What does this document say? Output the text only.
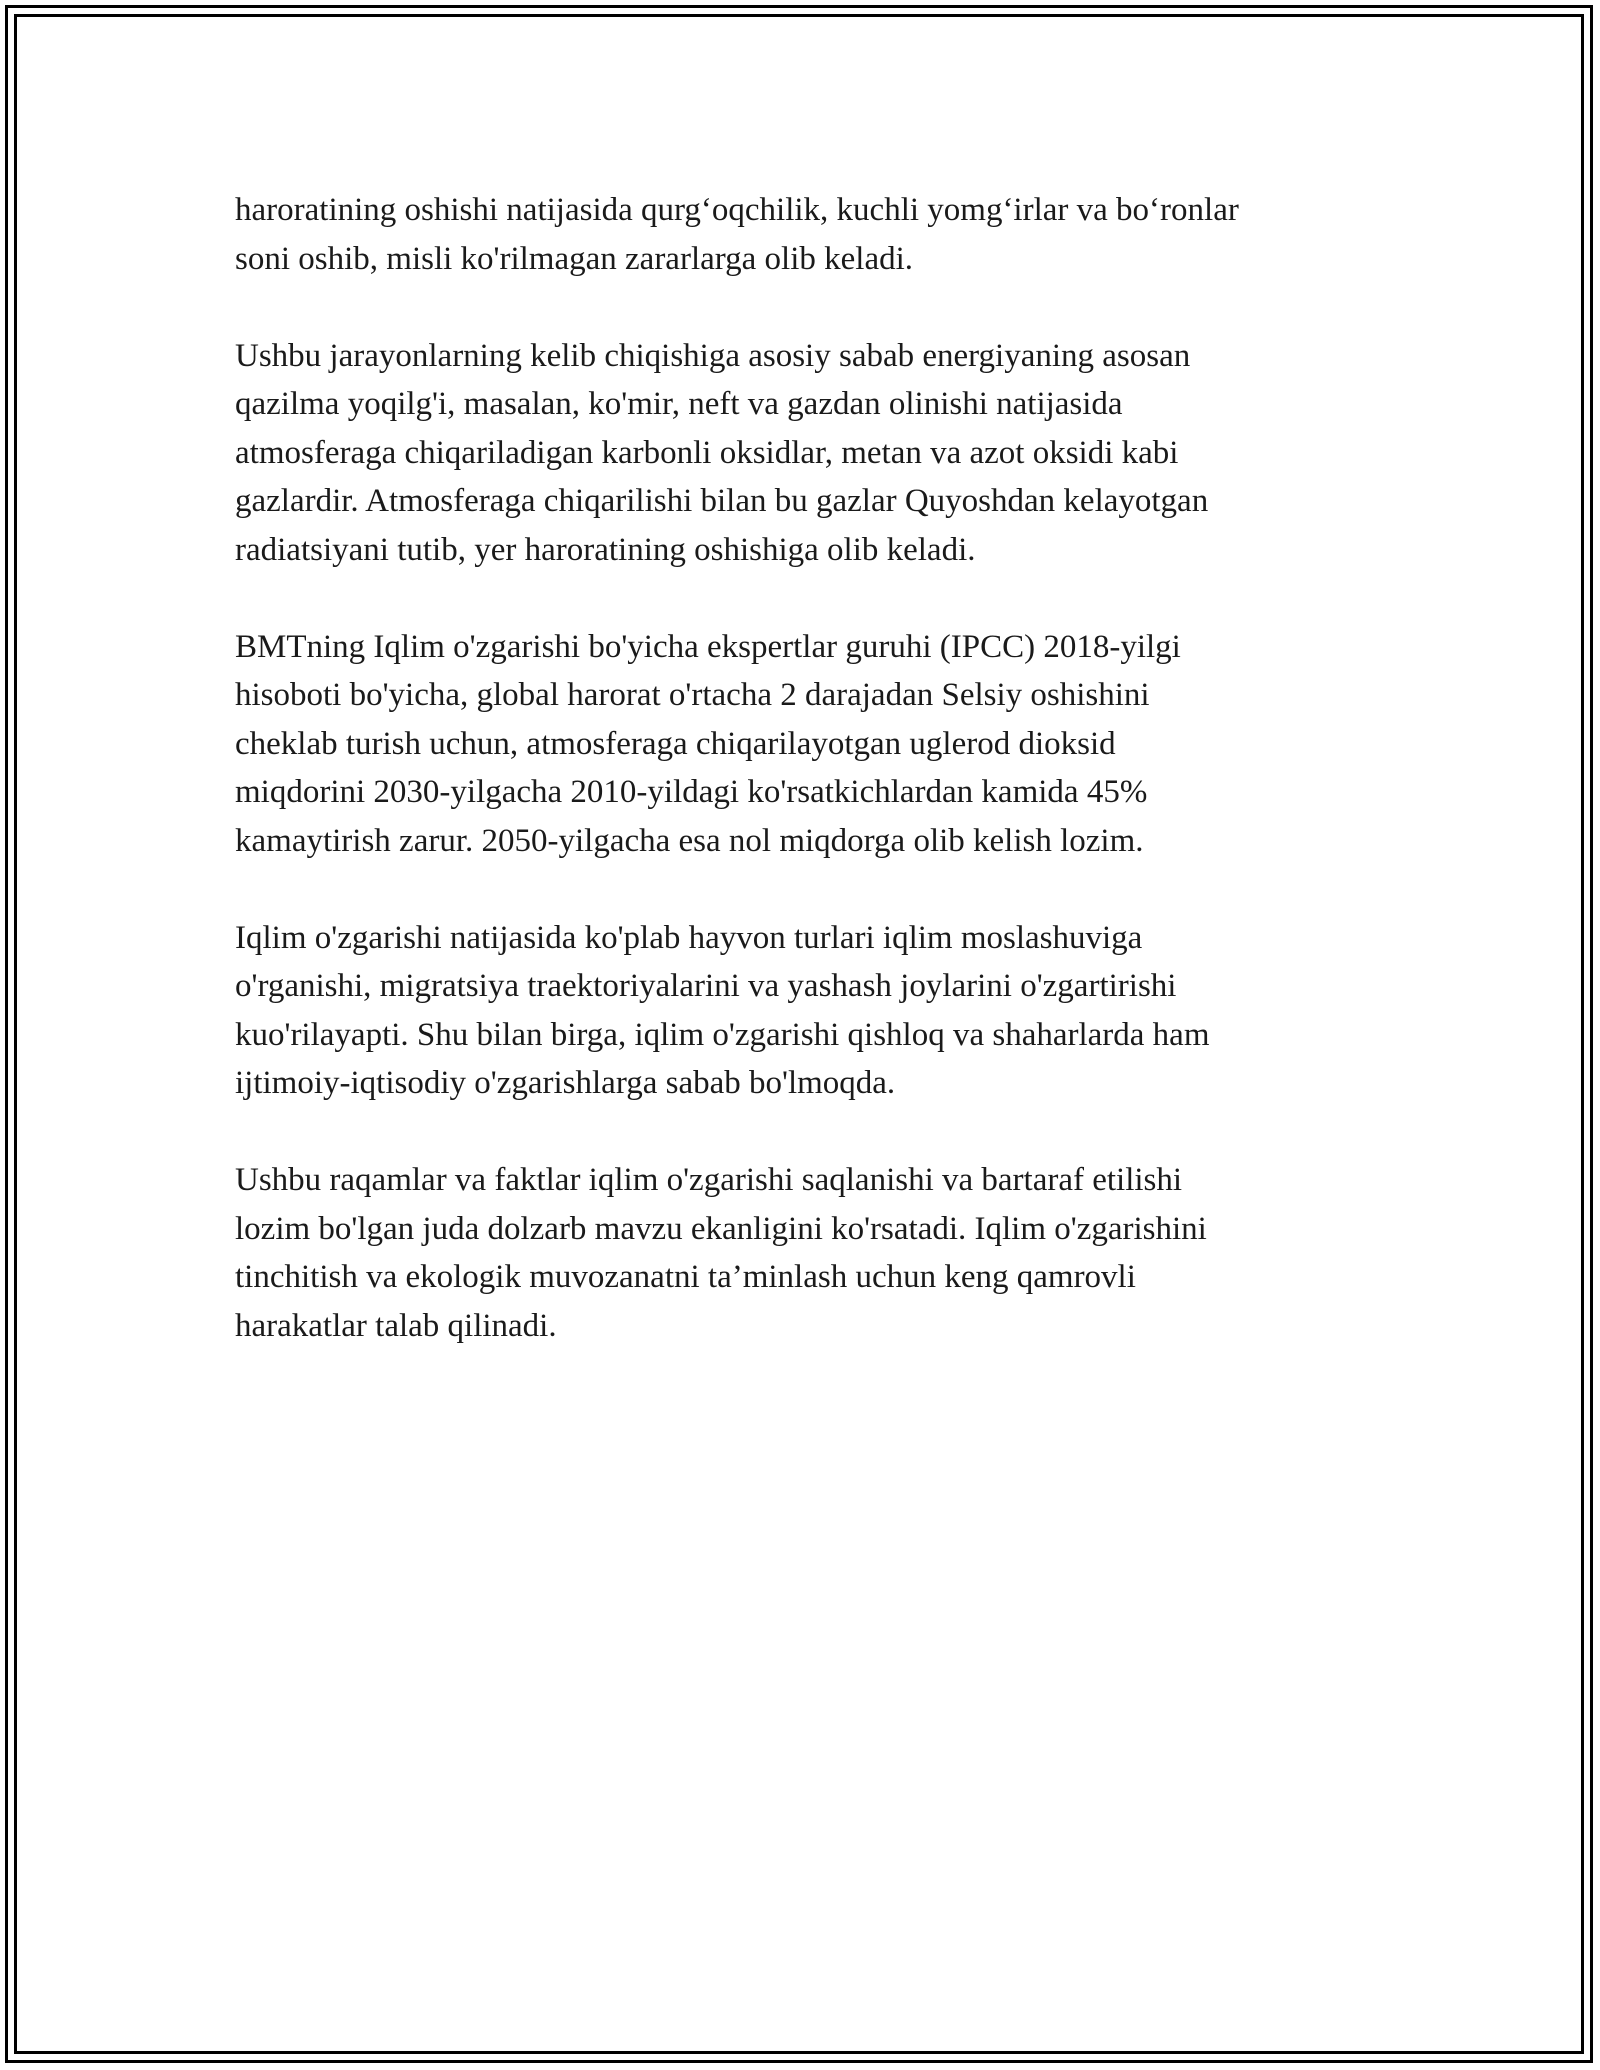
haroratining oshishi natijasida qurg‘oqchilik, kuchli yomg‘irlar va bo‘ronlar
soni oshib, misli ko'rilmagan zararlarga olib keladi.
Ushbu jarayonlarning kelib chiqishiga asosiy sabab energiyaning asosan
qazilma yoqilg'i, masalan, ko'mir, neft va gazdan olinishi natijasida
atmosferaga chiqariladigan karbonli oksidlar, metan va azot oksidi kabi
gazlardir. Atmosferaga chiqarilishi bilan bu gazlar Quyoshdan kelayotgan
radiatsiyani tutib, yer haroratining oshishiga olib keladi.
BMTning Iqlim o'zgarishi bo'yicha ekspertlar guruhi (IPCC) 2018-yilgi
hisoboti bo'yicha, global harorat o'rtacha 2 darajadan Selsiy oshishini
cheklab turish uchun, atmosferaga chiqarilayotgan uglerod dioksid
miqdorini 2030-yilgacha 2010-yildagi ko'rsatkichlardan kamida 45%
kamaytirish zarur. 2050-yilgacha esa nol miqdorga olib kelish lozim.
Iqlim o'zgarishi natijasida ko'plab hayvon turlari iqlim moslashuviga
o'rganishi, migratsiya traektoriyalarini va yashash joylarini o'zgartirishi
kuo'rilayapti. Shu bilan birga, iqlim o'zgarishi qishloq va shaharlarda ham
ijtimoiy-iqtisodiy o'zgarishlarga sabab bo'lmoqda.
Ushbu raqamlar va faktlar iqlim o'zgarishi saqlanishi va bartaraf etilishi
lozim bo'lgan juda dolzarb mavzu ekanligini ko'rsatadi. Iqlim o'zgarishini
tinchitish va ekologik muvozanatni ta’minlash uchun keng qamrovli
harakatlar talab qilinadi.
